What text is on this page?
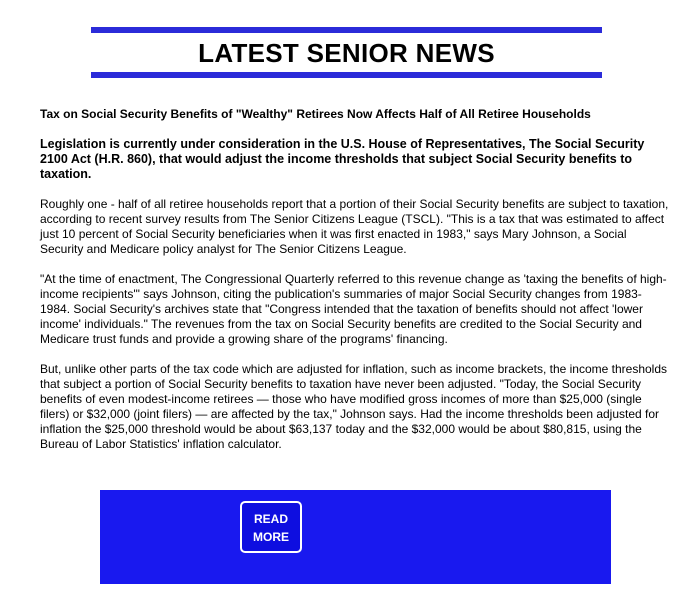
LATEST SENIOR NEWS

Tax on Social Security Benefits of "Wealthy" Retirees Now Affects Half of All Retiree Households

Legislation is currently under consideration in the U.S. House of Representatives, The Social Security 2100 Act (H.R. 860), that would adjust the income thresholds that subject Social Security benefits to taxation.

Roughly one - half of all retiree households report that a portion of their Social Security benefits are subject to taxation, according to recent survey results from The Senior Citizens League (TSCL). "This is a tax that was estimated to affect just 10 percent of Social Security beneficiaries when it was first enacted in 1983," says Mary Johnson, a Social Security and Medicare policy analyst for The Senior Citizens League.

"At the time of enactment, The Congressional Quarterly referred to this revenue change as 'taxing the benefits of high-income recipients'" says Johnson, citing the publication's summaries of major Social Security changes from 1983-1984. Social Security's archives state that "Congress intended that the taxation of benefits should not affect 'lower income' individuals." The revenues from the tax on Social Security benefits are credited to the Social Security and Medicare trust funds and provide a growing share of the programs' financing.

But, unlike other parts of the tax code which are adjusted for inflation, such as income brackets, the income thresholds that subject a portion of Social Security benefits to taxation have never been adjusted. "Today, the Social Security benefits of even modest-income retirees — those who have modified gross incomes of more than $25,000 (single filers) or $32,000 (joint filers) — are affected by the tax," Johnson says. Had the income thresholds been adjusted for inflation the $25,000 threshold would be about $63,137 today and the $32,000 would be about $80,815, using the Bureau of Labor Statistics' inflation calculator.

READ
MORE
